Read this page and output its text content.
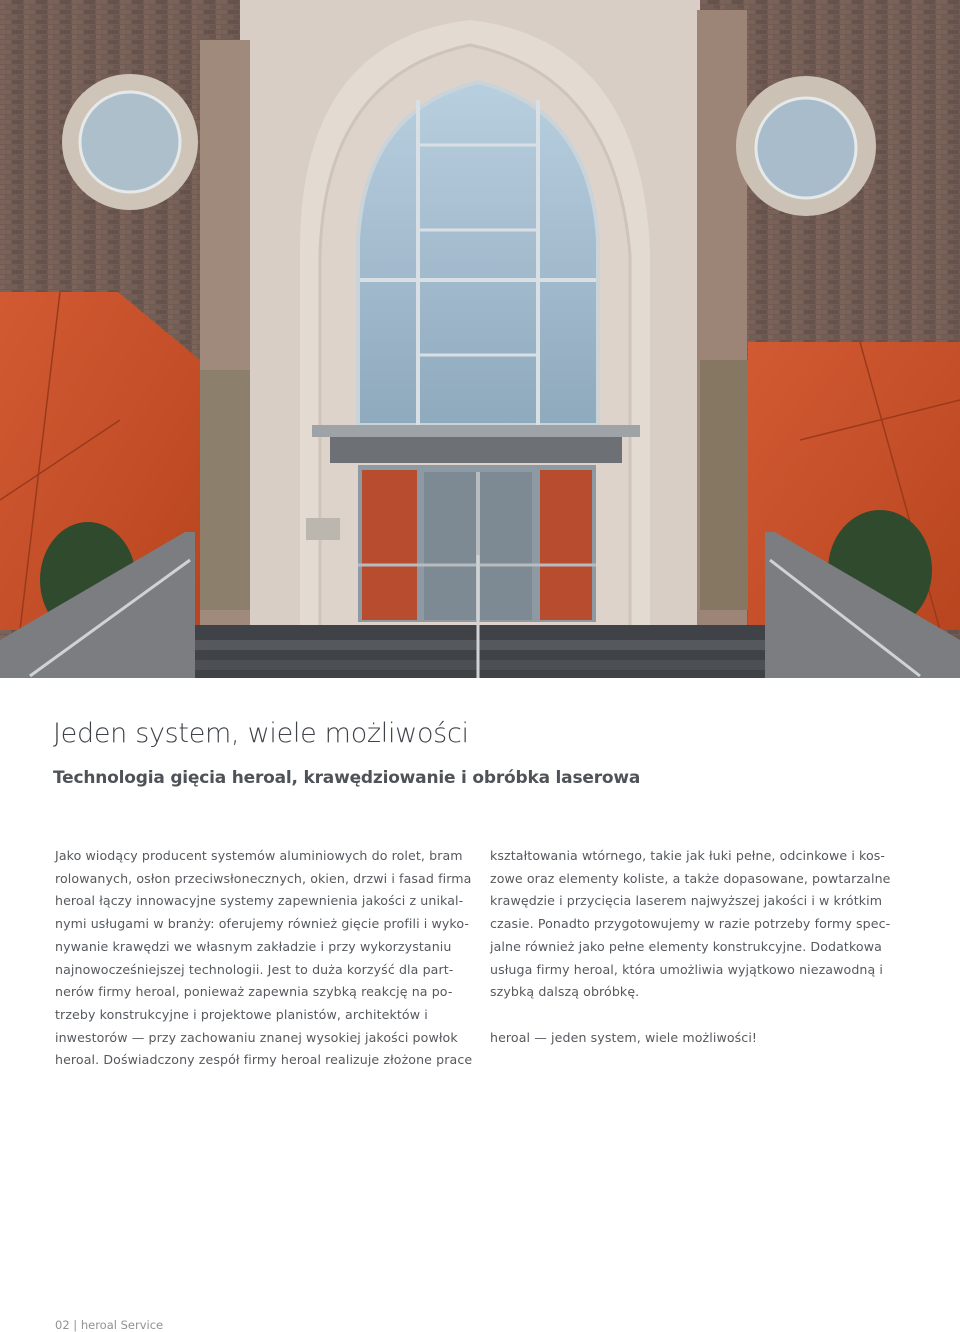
Jeden system, wiele możliwości
Technologia gięcia heroal, krawędziowanie i obróbka laserowa
Jako wiodący producent systemów aluminiowych do rolet, bram
rolowanych, osłon przeciwsłonecznych, okien, drzwi i fasad firma
heroal łączy innowacyjne systemy zapewnienia jakości z unikal-
nymi usługami w branży: oferujemy również gięcie profili i wyko-
nywanie krawędzi we własnym zakładzie i przy wykorzystaniu
najnowocześniejszej technologii. Jest to duża korzyść dla part-
nerów firmy heroal, ponieważ zapewnia szybką reakcję na po-
trzeby konstrukcyjne i projektowe planistów, architektów i
inwestorów — przy zachowaniu znanej wysokiej jakości powłok
heroal. Doświadczony zespół firmy heroal realizuje złożone prace
kształtowania wtórnego, takie jak łuki pełne, odcinkowe i kos-
zowe oraz elementy koliste, a także dopasowane, powtarzalne
krawędzie i przycięcia laserem najwyższej jakości i w krótkim
czasie. Ponadto przygotowujemy w razie potrzeby formy spec-
jalne również jako pełne elementy konstrukcyjne. Dodatkowa
usługa firmy heroal, która umożliwia wyjątkowo niezawodną i
szybką dalszą obróbkę.
heroal — jeden system, wiele możliwości!
02 | heroal Service
